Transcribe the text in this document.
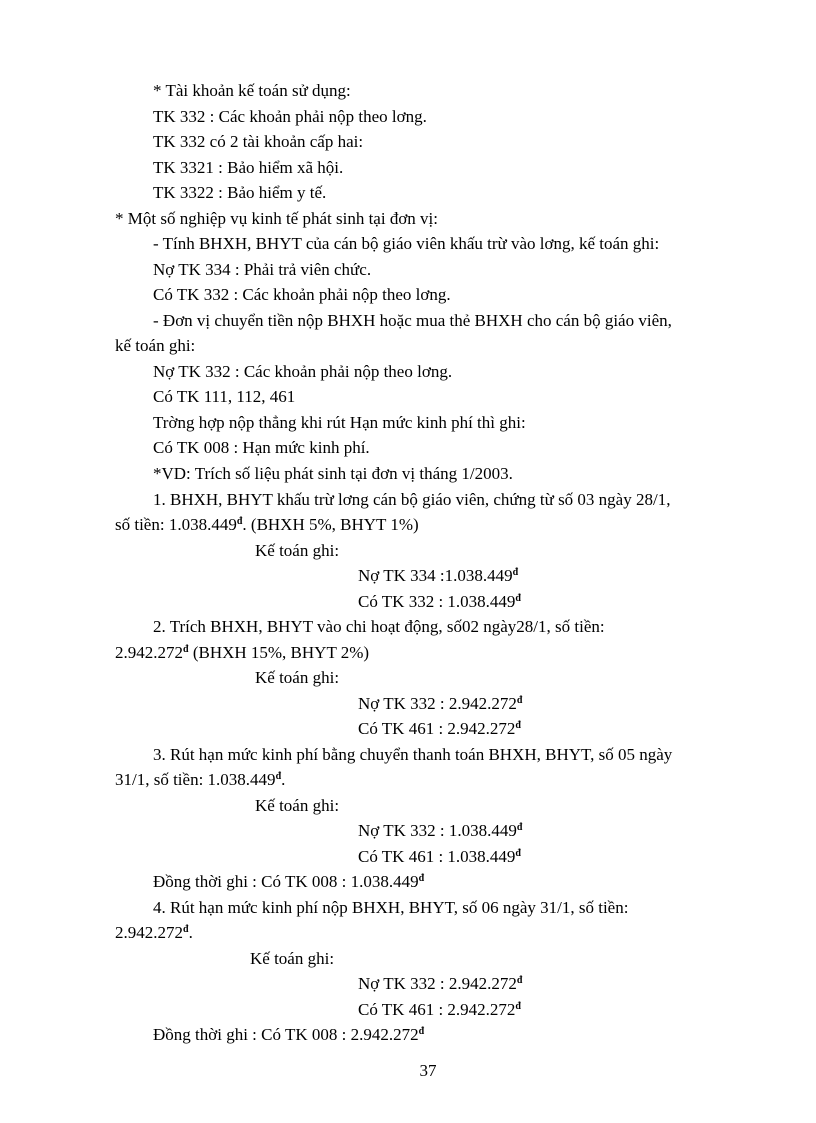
* Tài khoản kế toán sử dụng:
TK 332 : Các khoản phải nộp theo lơng.
TK 332 có 2 tài khoản cấp hai:
TK 3321 : Bảo hiểm xã hội.
TK 3322 : Bảo hiểm y tế.
* Một số nghiệp vụ kinh tế phát sinh tại đơn vị:
- Tính BHXH, BHYT của cán bộ giáo viên khấu trừ vào lơng, kế toán ghi:
Nợ TK 334 : Phải trả viên chức.
Có TK 332 : Các khoản phải nộp theo lơng.
- Đơn vị chuyển tiền nộp BHXH hoặc mua thẻ BHXH cho cán bộ giáo viên,
kế toán ghi:
Nợ TK 332 : Các khoản phải nộp theo lơng.
Có TK 111, 112, 461
Trờng hợp nộp thẳng khi rút Hạn mức kinh phí thì ghi:
Có TK 008 : Hạn mức kinh phí.
*VD: Trích số liệu phát sinh tại đơn vị tháng 1/2003.
1. BHXH, BHYT khấu trừ lơng cán bộ giáo viên, chứng từ số 03 ngày 28/1,
số tiền: $1.038.449^đ$. (BHXH 5%, BHYT 1%)
Kế toán ghi:
Nợ TK 334 $:1.038.449^đ$
Có TK 332 : $1.038.449^đ$
2. Trích BHXH, BHYT vào chi hoạt động, số02 ngày28/1, số tiền:
$2.942.272^đ$ (BHXH 15%, BHYT 2%)
Kế toán ghi:
Nợ TK 332 : $2.942.272^đ$
Có TK 461 : $2.942.272^đ$
3. Rút hạn mức kinh phí bằng chuyển thanh toán BHXH, BHYT, số 05 ngày
31/1, số tiền: $1.038.449^đ$.
Kế toán ghi:
Nợ TK 332 : $1.038.449^đ$
Có TK 461 : $1.038.449^đ$
Đồng thời ghi : Có TK 008 : $1.038.449^đ$
4. Rút hạn mức kinh phí nộp BHXH, BHYT, số 06 ngày 31/1, số tiền:
$2.942.272^đ$.
Kế toán ghi:
Nợ TK 332 : $2.942.272^đ$
Có TK 461 : $2.942.272^đ$
Đồng thời ghi : Có TK 008 : $2.942.272^đ$
37
